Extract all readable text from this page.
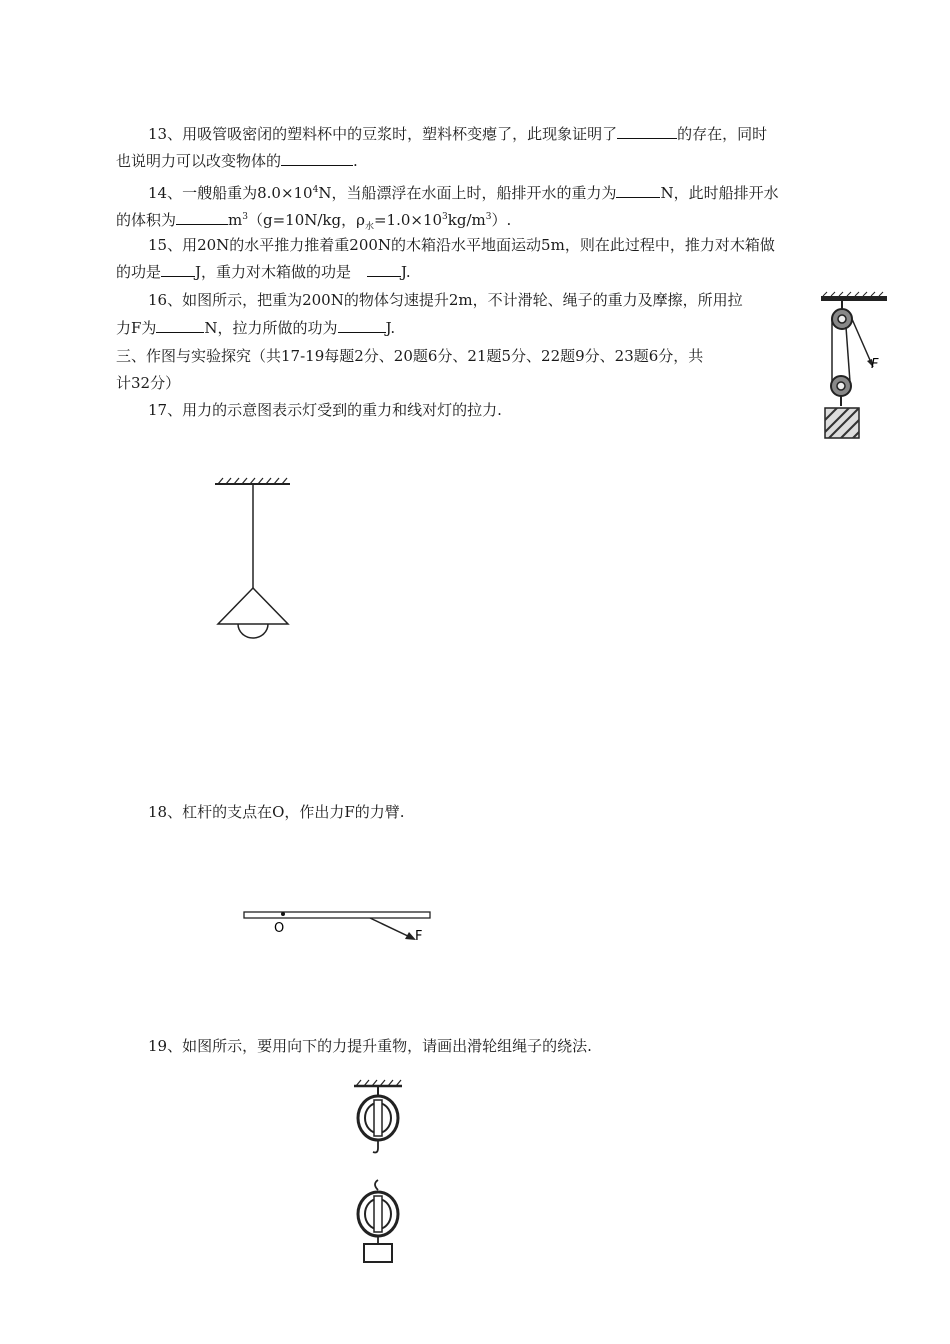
13、用吸管吸密闭的塑料杯中的豆浆时，塑料杯变瘪了，此现象证明了	的存在，同时
也说明力可以改变物体的	.
14、一艘船重为$8.0\times 10^4N$，当船漂浮在水面上时，船排开水的重力为	N，此时船排开水
的体积为	$m^3(g=10N/kg$，$\rho_水=1.0\times 10^3kg/m^3$）.
15、用20N的水平推力推着重200N的木箱沿水平地面运动5m，则在此过程中，推力对木箱做
的功是 J，重力对木箱做的功是	J.
16、如图所示，把重为200N的物体匀速提升2m，不计滑轮、绳子的重力及摩擦，所用拉
力F为	N，拉力所做的功为	J.
三、作图与实验探究（共17-19每题2分、20题6分、21题5分、22题9分、23题6分，共
计32分）
F
17、用力的示意图表示灯受到的重力和线对灯的拉力.
18、杠杆的支点在O，作出力F的力臂.
O
F
19、如图所示，要用向下的力提升重物，请画出滑轮组绳子的绕法.
